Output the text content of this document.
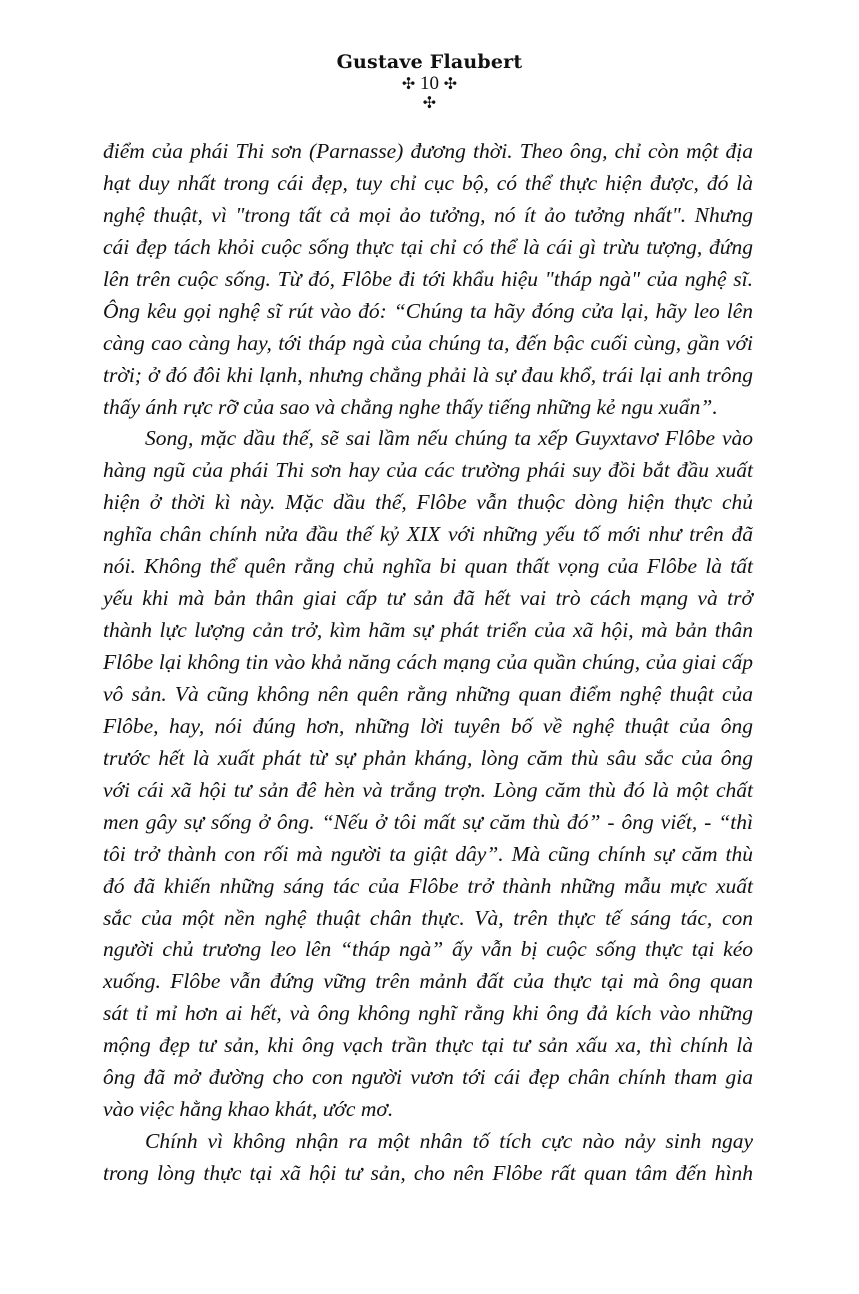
Gustave Flaubert
✣ 10 ✣
✣
điểm của phái Thi sơn (Parnasse) đương thời. Theo ông, chỉ còn một địa
hạt duy nhất trong cái đẹp, tuy chỉ cục bộ, có thể thực hiện được, đó là
nghệ thuật, vì "trong tất cả mọi ảo tưởng, nó ít ảo tưởng nhất". Nhưng
cái đẹp tách khỏi cuộc sống thực tại chỉ có thể là cái gì trừu tượng, đứng
lên trên cuộc sống. Từ đó, Flôbe đi tới khẩu hiệu "tháp ngà" của nghệ sĩ.
Ông kêu gọi nghệ sĩ rút vào đó: “Chúng ta hãy đóng cửa lại, hãy leo lên
càng cao càng hay, tới tháp ngà của chúng ta, đến bậc cuối cùng, gần với
trời; ở đó đôi khi lạnh, nhưng chẳng phải là sự đau khổ, trái lại anh trông
thấy ánh rực rỡ của sao và chẳng nghe thấy tiếng những kẻ ngu xuẩn”.
Song, mặc dầu thế, sẽ sai lầm nếu chúng ta xếp Guyxtavơ Flôbe vào
hàng ngũ của phái Thi sơn hay của các trường phái suy đồi bắt đầu xuất
hiện ở thời kì này. Mặc dầu thế, Flôbe vẫn thuộc dòng hiện thực chủ
nghĩa chân chính nửa đầu thế kỷ XIX với những yếu tố mới như trên đã
nói. Không thể quên rằng chủ nghĩa bi quan thất vọng của Flôbe là tất
yếu khi mà bản thân giai cấp tư sản đã hết vai trò cách mạng và trở
thành lực lượng cản trở, kìm hãm sự phát triển của xã hội, mà bản thân
Flôbe lại không tin vào khả năng cách mạng của quần chúng, của giai cấp
vô sản. Và cũng không nên quên rằng những quan điểm nghệ thuật của
Flôbe, hay, nói đúng hơn, những lời tuyên bố về nghệ thuật của ông
trước hết là xuất phát từ sự phản kháng, lòng căm thù sâu sắc của ông
với cái xã hội tư sản đê hèn và trắng trợn. Lòng căm thù đó là một chất
men gây sự sống ở ông. “Nếu ở tôi mất sự căm thù đó” - ông viết, - “thì
tôi trở thành con rối mà người ta giật dây”. Mà cũng chính sự căm thù
đó đã khiến những sáng tác của Flôbe trở thành những mẫu mực xuất
sắc của một nền nghệ thuật chân thực. Và, trên thực tế sáng tác, con
người chủ trương leo lên “tháp ngà” ấy vẫn bị cuộc sống thực tại kéo
xuống. Flôbe vẫn đứng vững trên mảnh đất của thực tại mà ông quan
sát tỉ mỉ hơn ai hết, và ông không nghĩ rằng khi ông đả kích vào những
mộng đẹp tư sản, khi ông vạch trần thực tại tư sản xấu xa, thì chính là
ông đã mở đường cho con người vươn tới cái đẹp chân chính tham gia
vào việc hằng khao khát, ước mơ.
Chính vì không nhận ra một nhân tố tích cực nào nảy sinh ngay
trong lòng thực tại xã hội tư sản, cho nên Flôbe rất quan tâm đến hình
